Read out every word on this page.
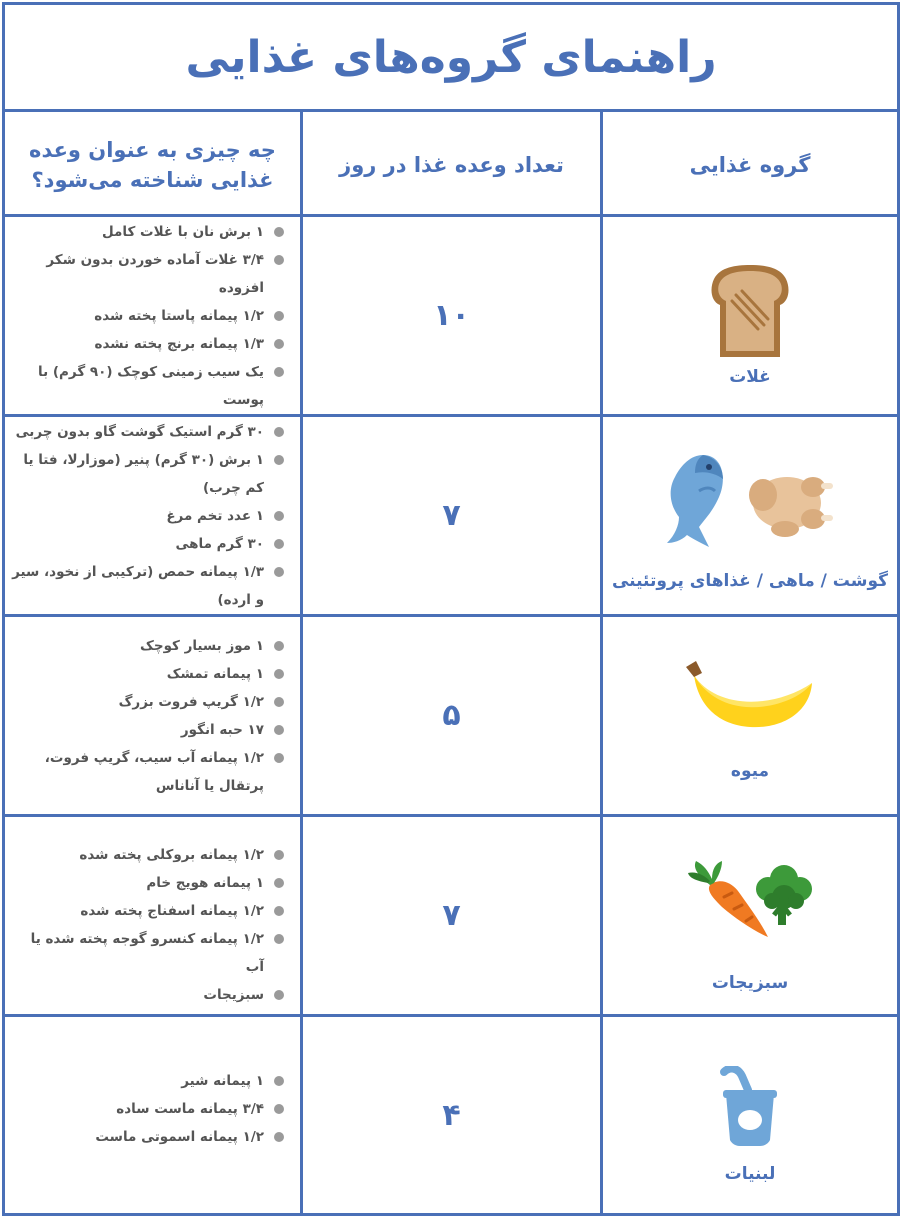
راهنمای گروه‌های غذایی
گروه غذایی
تعداد وعده غذا در روز
چه چیزی به عنوان وعده غذایی شناخته می‌شود؟
غلات
۱۰
۱ برش نان با غلات کامل
۳/۴ غلات آماده خوردن بدون شکر افزوده
۱/۲ پیمانه پاستا پخته شده
۱/۳ پیمانه برنج پخته نشده
یک سیب زمینی کوچک (۹۰ گرم) با پوست
گوشت / ماهی / غذاهای پروتئینی
۷
۳۰ گرم استیک گوشت گاو بدون چربی
۱ برش (۳۰ گرم) پنیر (موزارلا، فتا یا کم چرب)
۱ عدد تخم مرغ
۳۰ گرم ماهی
۱/۳ پیمانه حمص (ترکیبی از نخود، سیر و ارده)
میوه
۵
۱ موز بسیار کوچک
۱ پیمانه تمشک
۱/۲ گریپ فروت بزرگ
۱۷ حبه انگور
۱/۲ پیمانه آب سیب، گریپ فروت، پرتقال یا آناناس
سبزیجات
۷
۱/۲ پیمانه بروکلی پخته شده
۱ پیمانه هویج خام
۱/۲ پیمانه اسفناج پخته شده
۱/۲ پیمانه کنسرو گوجه پخته شده یا آب
سبزیجات
لبنیات
۴
۱ پیمانه شیر
۳/۴ پیمانه ماست ساده
۱/۲ پیمانه اسموتی ماست
